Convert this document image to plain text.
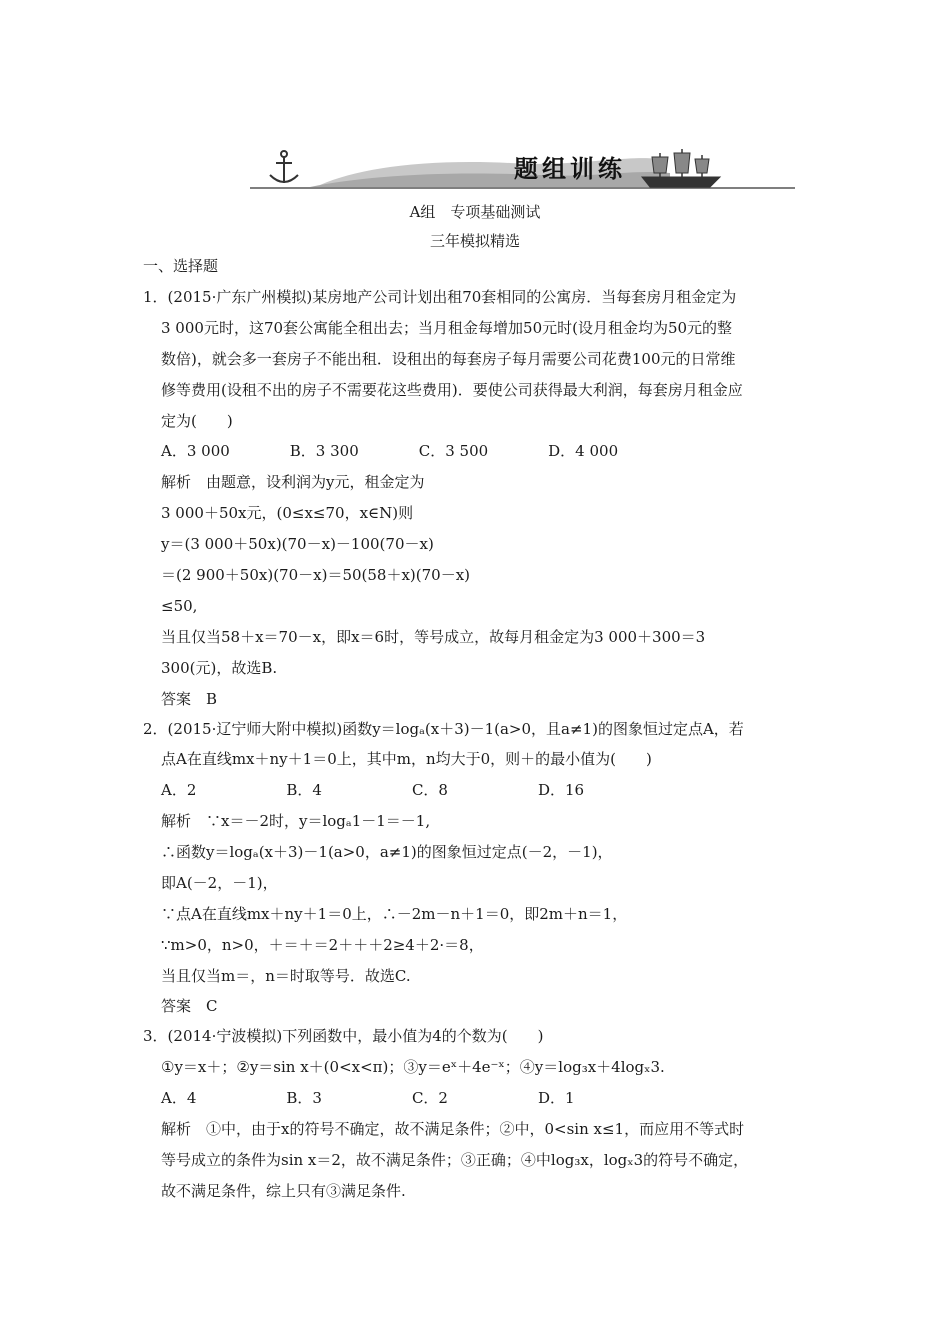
题组训练
A组　专项基础测试
三年模拟精选
一、选择题
1．(2015·广东广州模拟)某房地产公司计划出租70套相同的公寓房．当每套房月租金定为
3 000元时，这70套公寓能全租出去；当月租金每增加50元时(设月租金均为50元的整
数倍)，就会多一套房子不能出租．设租出的每套房子每月需要公司花费100元的日常维
修等费用(设租不出的房子不需要花这些费用)．要使公司获得最大利润，每套房月租金应
定为(　　)
A．3 000　　　　B．3 300　　　　C．3 500　　　　D．4 000
解析　由题意，设利润为y元，租金定为
3 000＋50x元，(0≤x≤70，x∈N)则
y＝(3 000＋50x)(70－x)－100(70－x)
＝(2 900＋50x)(70－x)＝50(58＋x)(70－x)
≤50,
当且仅当58＋x＝70－x，即x＝6时，等号成立，故每月租金定为3 000＋300＝3
300(元)，故选B.
答案　B
2．(2015·辽宁师大附中模拟)函数y＝logₐ(x＋3)－1(a>0，且a≠1)的图象恒过定点A，若
点A在直线mx＋ny＋1＝0上，其中m，n均大于0，则＋的最小值为(　　)
A．2　　　　　　B．4　　　　　　C．8　　　　　　D．16
解析　∵x＝－2时，y＝logₐ1－1＝－1,
∴函数y＝logₐ(x＋3)－1(a>0，a≠1)的图象恒过定点(－2，－1)，
即A(－2，－1)，
∵点A在直线mx＋ny＋1＝0上，∴－2m－n＋1＝0，即2m＋n＝1，
∵m>0，n>0，＋＝＋＝2＋＋＋2≥4＋2·＝8，
当且仅当m＝，n＝时取等号．故选C.
答案　C
3．(2014·宁波模拟)下列函数中，最小值为4的个数为(　　)
①y＝x＋；②y＝sin x＋(0<x<π)；③y＝eˣ＋4e⁻ˣ；④y＝log₃x＋4logₓ3.
A．4　　　　　　B．3　　　　　　C．2　　　　　　D．1
解析　①中，由于x的符号不确定，故不满足条件；②中，0<sin x≤1，而应用不等式时
等号成立的条件为sin x＝2，故不满足条件；③正确；④中log₃x，logₓ3的符号不确定，
故不满足条件，综上只有③满足条件.
